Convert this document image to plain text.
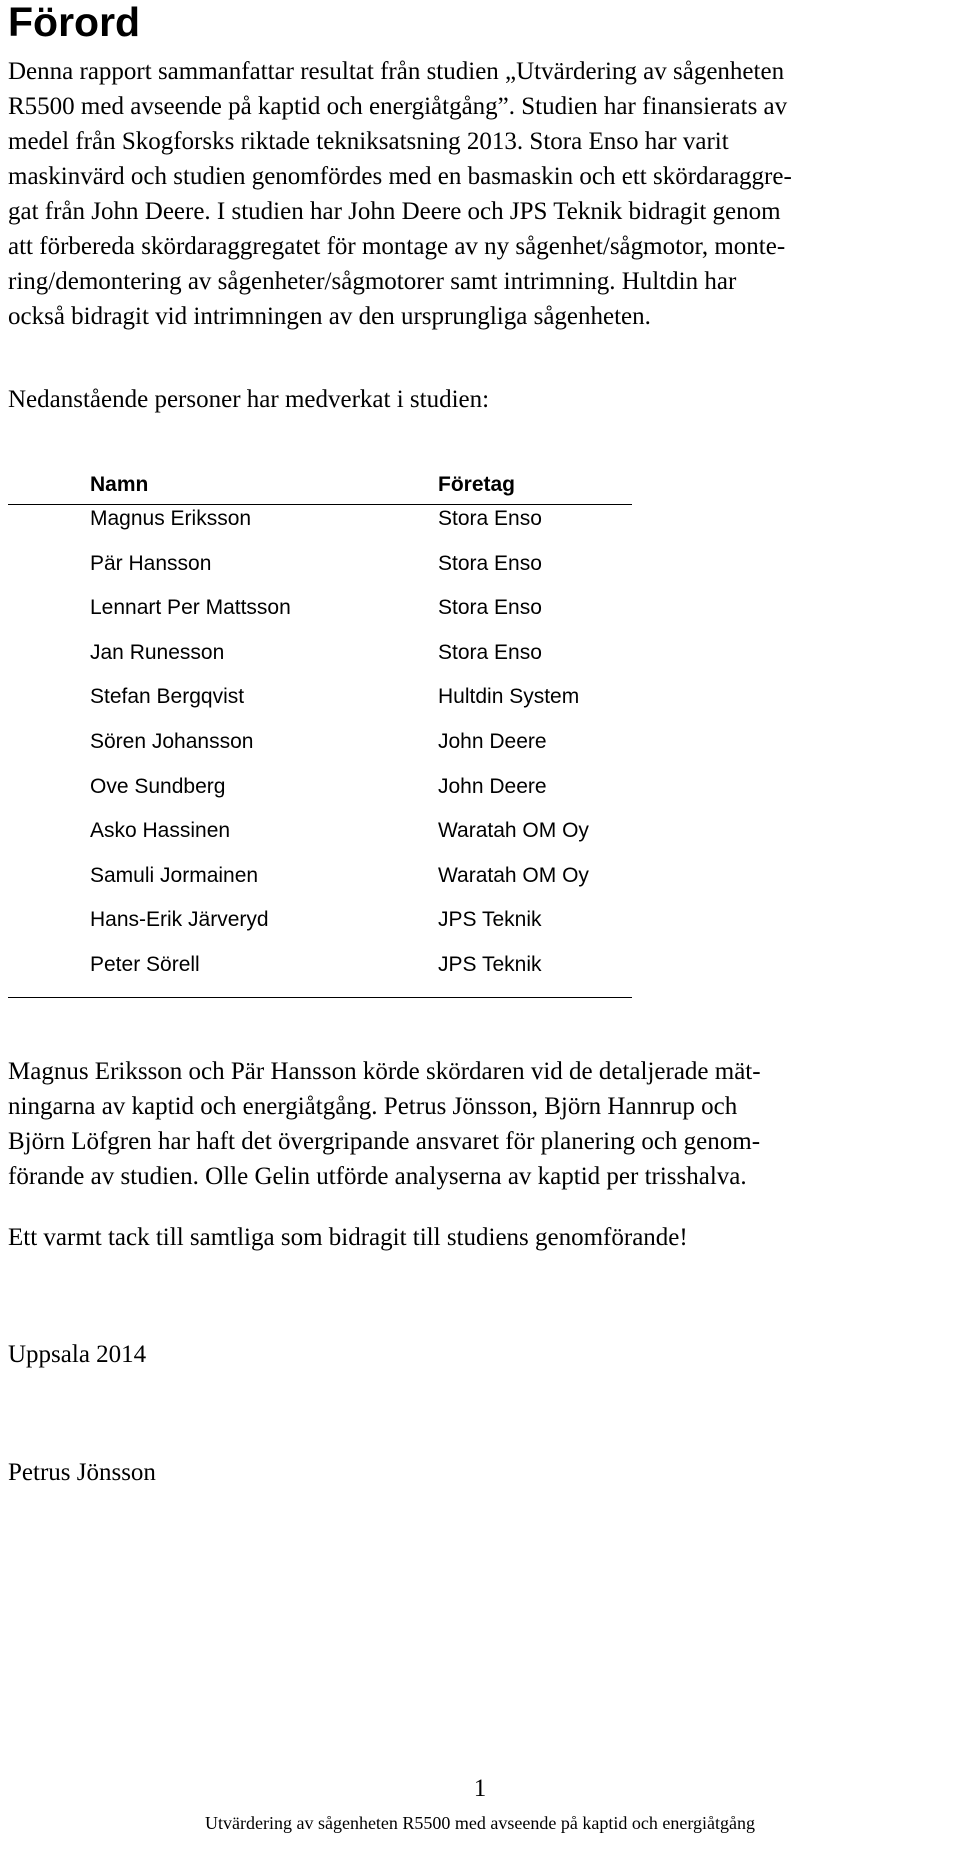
Förord
Denna rapport sammanfattar resultat från studien „Utvärdering av sågenheten
R5500 med avseende på kaptid och energiåtgång”. Studien har finansierats av
medel från Skogforsks riktade tekniksatsning 2013. Stora Enso har varit
maskinvärd och studien genomfördes med en basmaskin och ett skördaraggre-
gat från John Deere. I studien har John Deere och JPS Teknik bidragit genom
att förbereda skördaraggregatet för montage av ny sågenhet/sågmotor, monte-
ring/demontering av sågenheter/sågmotorer samt intrimning. Hultdin har
också bidragit vid intrimningen av den ursprungliga sågenheten.

Nedanstående personer har medverkat i studien:

Namn	Företag
Magnus Eriksson	Stora Enso
Pär Hansson	Stora Enso
Lennart Per Mattsson	Stora Enso
Jan Runesson	Stora Enso
Stefan Bergqvist	Hultdin System
Sören Johansson	John Deere
Ove Sundberg	John Deere
Asko Hassinen	Waratah OM Oy
Samuli Jormainen	Waratah OM Oy
Hans-Erik Järveryd	JPS Teknik
Peter Sörell	JPS Teknik
Magnus Eriksson och Pär Hansson körde skördaren vid de detaljerade mät-
ningarna av kaptid och energiåtgång. Petrus Jönsson, Björn Hannrup och
Björn Löfgren har haft det övergripande ansvaret för planering och genom-
förande av studien. Olle Gelin utförde analyserna av kaptid per trisshalva.

Ett varmt tack till samtliga som bidragit till studiens genomförande!

Uppsala 2014

Petrus Jönsson

1
Utvärdering av sågenheten R5500 med avseende på kaptid och energiåtgång
